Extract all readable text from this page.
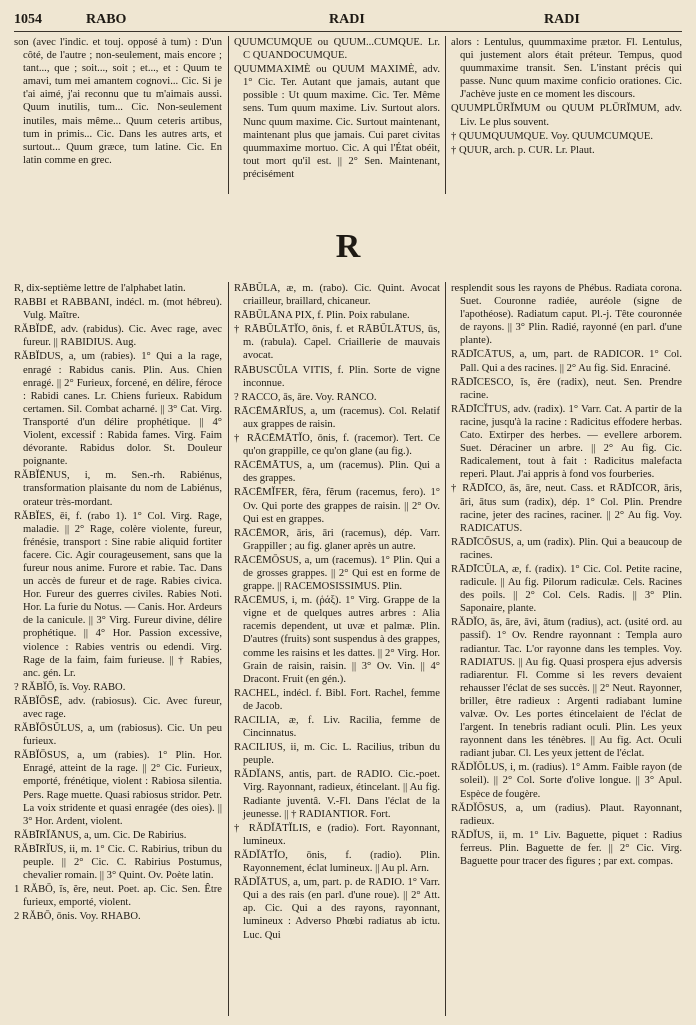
1054	RABO	RADI	RADI

son (avec l'indic. et touj. opposé à tum) : D'un côté, de l'autre ; non-seulement, mais encore ; tant..., que ; soit..., soit ; et..., et : Quum te amavi, tum mei amantem cognovi... Cic. Si je t'ai aimé, j'ai reconnu que tu m'aimais aussi. Quum inutilis, tum... Cic. Non-seulement inutiles, mais même... Quum ceteris artibus, tum in primis... Cic. Dans les autres arts, et surtout... Quum græce, tum latine. Cic. En latin comme en grec.

QUUMCUMQUE ou QUUM...CUMQUE. Lr. C QUANDOCUMQUE.

QUUMMAXIMÈ ou QUUM MAXIMÈ, adv. 1° Cic. Ter. Autant que jamais, autant que possible : Ut quum maxime. Cic. Ter. Même sens. Tum quum maxime. Liv. Surtout alors. Nunc quum maxime. Cic. Surtout maintenant, maintenant plus que jamais. Cui paret civitas quummaxime mortuo. Cic. A qui l'État obéit, tout mort qu'il est. || 2° Sen. Maintenant, précisément

alors : Lentulus, quummaxime prætor. Fl. Lentulus, qui justement alors était préteur. Tempus, quod quummaxime transit. Sen. L'instant précis qui passe. Nunc quum maxime conficio orationes. Cic. J'achève juste en ce moment les discours.

QUUMPLŪRĬMUM ou QUUM PLŪRĬMUM, adv. Liv. Le plus souvent.

† QUUMQUUMQUE. Voy. QUUMCUMQUE.

† QUUR, arch. p. CUR. Lr. Plaut.

R

R, dix-septième lettre de l'alphabet latin.

RABBI et RABBANI, indécl. m. (mot hébreu). Vulg. Maître.

RĂBĬDĒ, adv. (rabidus). Cic. Avec rage, avec fureur. || RABIDIUS. Aug.

RĂBĬDUS, a, um (rabies). 1° Qui a la rage, enragé : Rabidus canis. Plin. Aus. Chien enragé. || 2° Furieux, forcené, en délire, féroce : Rabidi canes. Lr. Chiens furieux. Rabidum certamen. Sil. Combat acharné. || 3° Cat. Virg. Transporté d'un délire prophétique. || 4° Violent, excessif : Rabida fames. Virg. Faim dévorante. Rabidus dolor. St. Douleur poignante.

RĂBĬĒNUS, i, m. Sen.-rh. Rabiénus, transformation plaisante du nom de Labiénus, orateur très-mordant.

RĂBĬES, ēi, f. (rabo 1). 1° Col. Virg. Rage, maladie. || 2° Rage, colère violente, fureur, frénésie, transport : Sine rabie aliquid fortiter facere. Cic. Agir courageusement, sans que la fureur nous anime. Furore et rabie. Tac. Dans un accès de fureur et de rage. Rabies civica. Hor. Fureur des guerres civiles. Rabies Noti. Hor. La furie du Notus. — Canis. Hor. Ardeurs de la canicule. || 3° Virg. Fureur divine, délire prophétique. || 4° Hor. Passion excessive, violence : Rabies ventris ou edendi. Virg. Rage de la faim, faim furieuse. || † Rabies, anc. gén. Lr.

? RĂBĬŌ, ĭs. Voy. RABO.

RĂBĬŌSĒ, adv. (rabiosus). Cic. Avec fureur, avec rage.

RĂBĬŌSŬLUS, a, um (rabiosus). Cic. Un peu furieux.

RĂBĬŌSUS, a, um (rabies). 1° Plin. Hor. Enragé, atteint de la rage. || 2° Cic. Furieux, emporté, frénétique, violent : Rabiosa silentia. Pers. Rage muette. Quasi rabiosus stridor. Petr. La voix stridente et quasi enragée (des oies). || 3° Hor. Ardent, violent.

RĂBĪRĬĀNUS, a, um. Cic. De Rabirius.

RĂBĪRĬUS, ii, m. 1° Cic. C. Rabirius, tribun du peuple. || 2° Cic. C. Rabirius Postumus, chevalier romain. || 3° Quint. Ov. Poète latin.

1 RĂBŌ, ĭs, ĕre, neut. Poet. ap. Cic. Sen. Être furieux, emporté, violent.

2 RĂBŌ, ōnis. Voy. RHABO.

RĀBŬLA, æ, m. (rabo). Cic. Quint. Avocat criailleur, braillard, chicaneur.

RĀBŬLĀNA PIX, f. Plin. Poix rabulane.

† RĀBŬLĀTĬO, ōnis, f. et RĀBŬLĀTUS, ūs, m. (rabula). Capel. Criaillerie de mauvais avocat.

RĀBUSCŬLA VITIS, f. Plin. Sorte de vigne inconnue.

? RACCO, ās, āre. Voy. RANCO.

RĀCĒMĀRĬUS, a, um (racemus). Col. Relatif aux grappes de raisin.

† RĀCĒMĀTĬO, ōnis, f. (racemor). Tert. Ce qu'on grappille, ce qu'on glane (au fig.).

RĀCĒMĀTUS, a, um (racemus). Plin. Qui a des grappes.

RĀCĒMĬFER, fĕra, fĕrum (racemus, fero). 1° Ov. Qui porte des grappes de raisin. || 2° Ov. Qui est en grappes.

RĀCĒMOR, āris, āri (racemus), dép. Varr. Grappiller ; au fig. glaner après un autre.

RĀCĒMŌSUS, a, um (racemus). 1° Plin. Qui a de grosses grappes. || 2° Qui est en forme de grappe. || RACEMOSISSIMUS. Plin.

RĀCĒMUS, i, m. (ῥάξ). 1° Virg. Grappe de la vigne et de quelques autres arbres : Alia racemis dependent, ut uvæ et palmæ. Plin. D'autres (fruits) sont suspendus à des grappes, comme les raisins et les dattes. || 2° Virg. Hor. Grain de raisin, raisin. || 3° Ov. Vin. || 4° Dracont. Fruit (en gén.).

RACHEL, indécl. f. Bibl. Fort. Rachel, femme de Jacob.

RACILIA, æ, f. Liv. Racilia, femme de Cincinnatus.

RACILIUS, ii, m. Cic. L. Racilius, tribun du peuple.

RĂDĬANS, antis, part. de RADIO. Cic.-poet. Virg. Rayonnant, radieux, étincelant. || Au fig. Radiante juventâ. V.-Fl. Dans l'éclat de la jeunesse. || † RADIANTIOR. Fort.

† RĂDĬĀTĬLIS, e (radio). Fort. Rayonnant, lumineux.

RĂDĬĀTĬO, ōnis, f. (radio). Plin. Rayonnement, éclat lumineux. || Au pl. Arn.

RĂDĬĀTUS, a, um, part. p. de RADIO. 1° Varr. Qui a des rais (en parl. d'une roue). || 2° Att. ap. Cic. Qui a des rayons, rayonnant, lumineux : Adverso Phœbi radiatus ab ictu. Luc. Qui

resplendit sous les rayons de Phébus. Radiata corona. Suet. Couronne radiée, auréole (signe de l'apothéose). Radiatum caput. Pl.-j. Tête couronnée de rayons. || 3° Plin. Radié, rayonné (en parl. d'une plante).

RĀDĪCĀTUS, a, um, part. de RADICOR. 1° Col. Pall. Qui a des racines. || 2° Au fig. Sid. Enraciné.

RĀDĪCESCO, ĭs, ĕre (radix), neut. Sen. Prendre racine.

RĀDĪCĬTUS, adv. (radix). 1° Varr. Cat. A partir de la racine, jusqu'à la racine : Radicitus effodere herbas. Cato. Extirper des herbes. — evellere arborem. Suet. Déraciner un arbre. || 2° Au fig. Cic. Radicalement, tout à fait : Radicitus malefacta reperi. Plaut. J'ai appris à fond vos fourberies.

† RĀDĪCO, ās, āre, neut. Cass. et RĀDĪCOR, āris, āri, ātus sum (radix), dép. 1° Col. Plin. Prendre racine, jeter des racines, raciner. || 2° Au fig. Voy. RADICATUS.

RĀDĪCŌSUS, a, um (radix). Plin. Qui a beaucoup de racines.

RĀDĪCŬLA, æ, f. (radix). 1° Cic. Col. Petite racine, radicule. || Au fig. Pilorum radiculæ. Cels. Racines des poils. || 2° Col. Cels. Radis. || 3° Plin. Saponaire, plante.

RĂDĬO, ās, āre, āvi, ātum (radius), act. (usité ord. au passif). 1° Ov. Rendre rayonnant : Templa auro radiantur. Tac. L'or rayonne dans les temples. Voy. RADIATUS. || Au fig. Quasi prospera ejus adversis radiarentur. Fl. Comme si les revers devaient rehausser l'éclat de ses succès. || 2° Neut. Rayonner, briller, être radieux : Argenti radiabant lumine valvæ. Ov. Les portes étincelaient de l'éclat de l'argent. In tenebris radiant oculi. Plin. Les yeux rayonnent dans les ténèbres. || Au fig. Act. Oculi radiant jubar. Cl. Les yeux jettent de l'éclat.

RĂDĬŎLUS, i, m. (radius). 1° Amm. Faible rayon (de soleil). || 2° Col. Sorte d'olive longue. || 3° Apul. Espèce de fougère.

RĂDĬŌSUS, a, um (radius). Plaut. Rayonnant, radieux.

RĂDĬUS, ii, m. 1° Liv. Baguette, piquet : Radius ferreus. Plin. Baguette de fer. || 2° Cic. Virg. Baguette pour tracer des figures ; par ext. compas.
